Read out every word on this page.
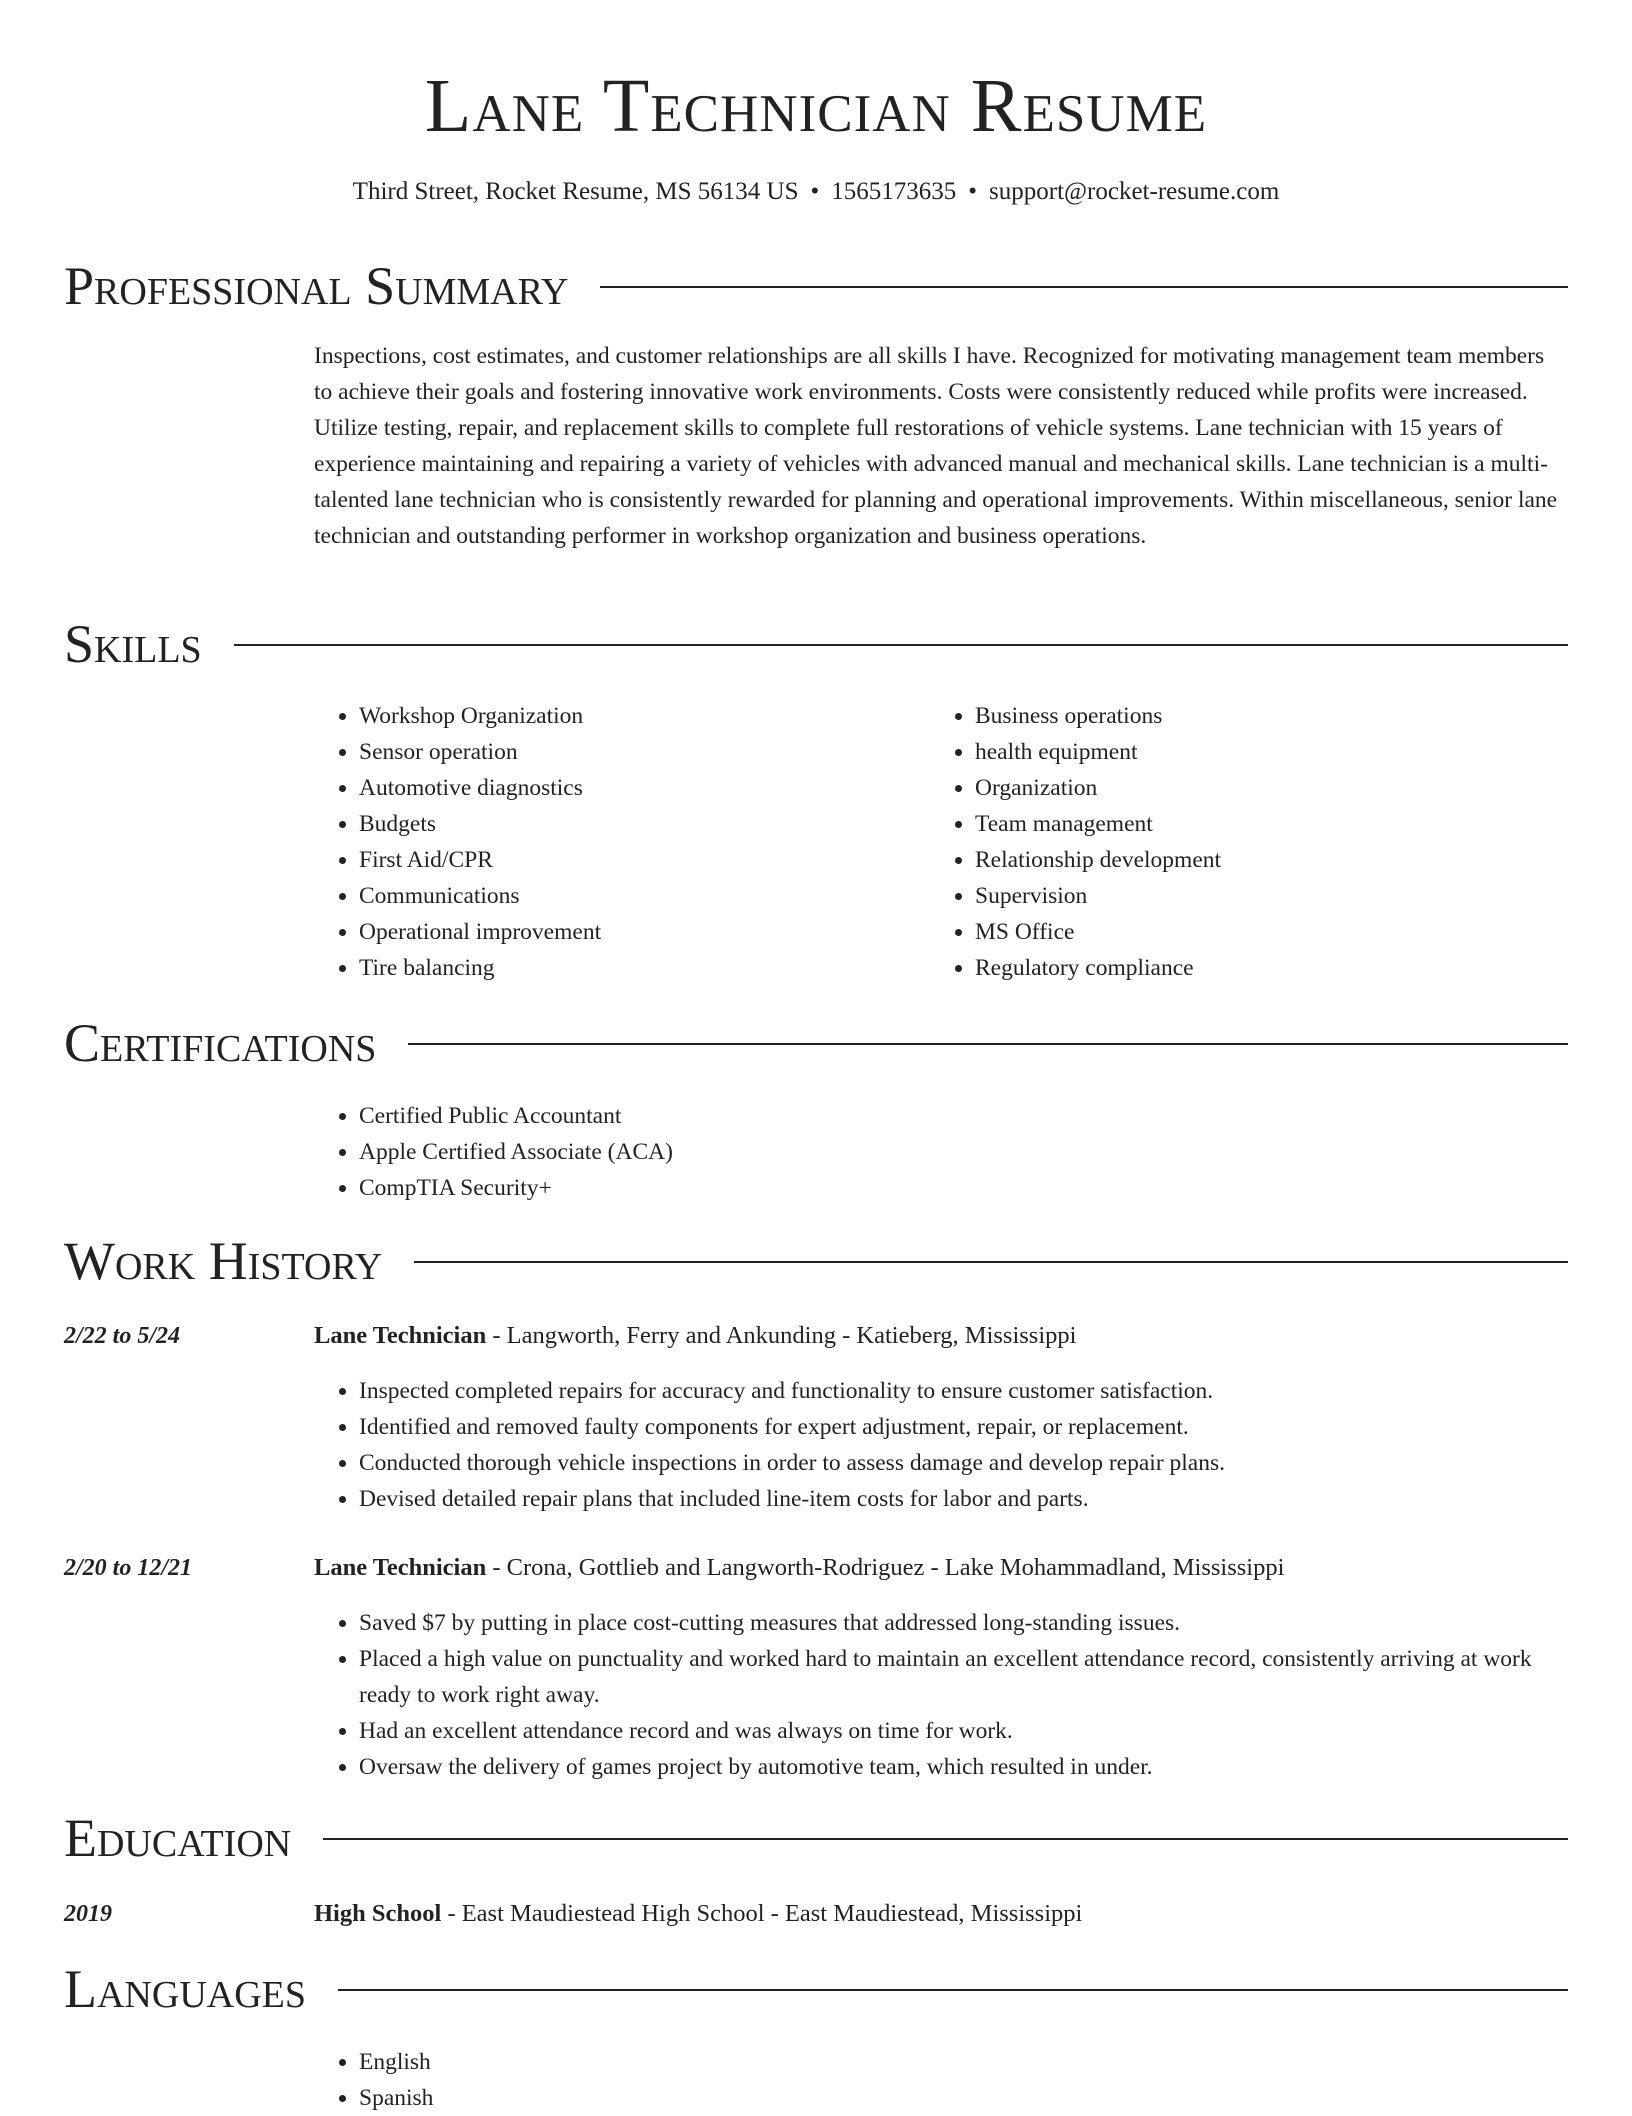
Lane Technician Resume
Third Street, Rocket Resume, MS 56134 US • 1565173635 • support@rocket-resume.com
Professional Summary

Inspections, cost estimates, and customer relationships are all skills I have. Recognized for motivating management team members to achieve their goals and fostering innovative work environments. Costs were consistently reduced while profits were increased. Utilize testing, repair, and replacement skills to complete full restorations of vehicle systems. Lane technician with 15 years of experience maintaining and repairing a variety of vehicles with advanced manual and mechanical skills. Lane technician is a multi-talented lane technician who is consistently rewarded for planning and operational improvements. Within miscellaneous, senior lane technician and outstanding performer in workshop organization and business operations.

Skills
• Workshop Organization
• Sensor operation
• Automotive diagnostics
• Budgets
• First Aid/CPR
• Communications
• Operational improvement
• Tire balancing
• Business operations
• health equipment
• Organization
• Team management
• Relationship development
• Supervision
• MS Office
• Regulatory compliance
Certifications
• Certified Public Accountant
• Apple Certified Associate (ACA)
• CompTIA Security+
Work History
2/22 to 5/24	Lane Technician - Langworth, Ferry and Ankunding - Katieberg, Mississippi
• Inspected completed repairs for accuracy and functionality to ensure customer satisfaction.
• Identified and removed faulty components for expert adjustment, repair, or replacement.
• Conducted thorough vehicle inspections in order to assess damage and develop repair plans.
• Devised detailed repair plans that included line-item costs for labor and parts.
2/20 to 12/21	Lane Technician - Crona, Gottlieb and Langworth-Rodriguez - Lake Mohammadland, Mississippi
• Saved $7 by putting in place cost-cutting measures that addressed long-standing issues.
• Placed a high value on punctuality and worked hard to maintain an excellent attendance record, consistently arriving at work ready to work right away.
• Had an excellent attendance record and was always on time for work.
• Oversaw the delivery of games project by automotive team, which resulted in under.
Education
2019	High School - East Maudiestead High School - East Maudiestead, Mississippi
Languages
• English
• Spanish
